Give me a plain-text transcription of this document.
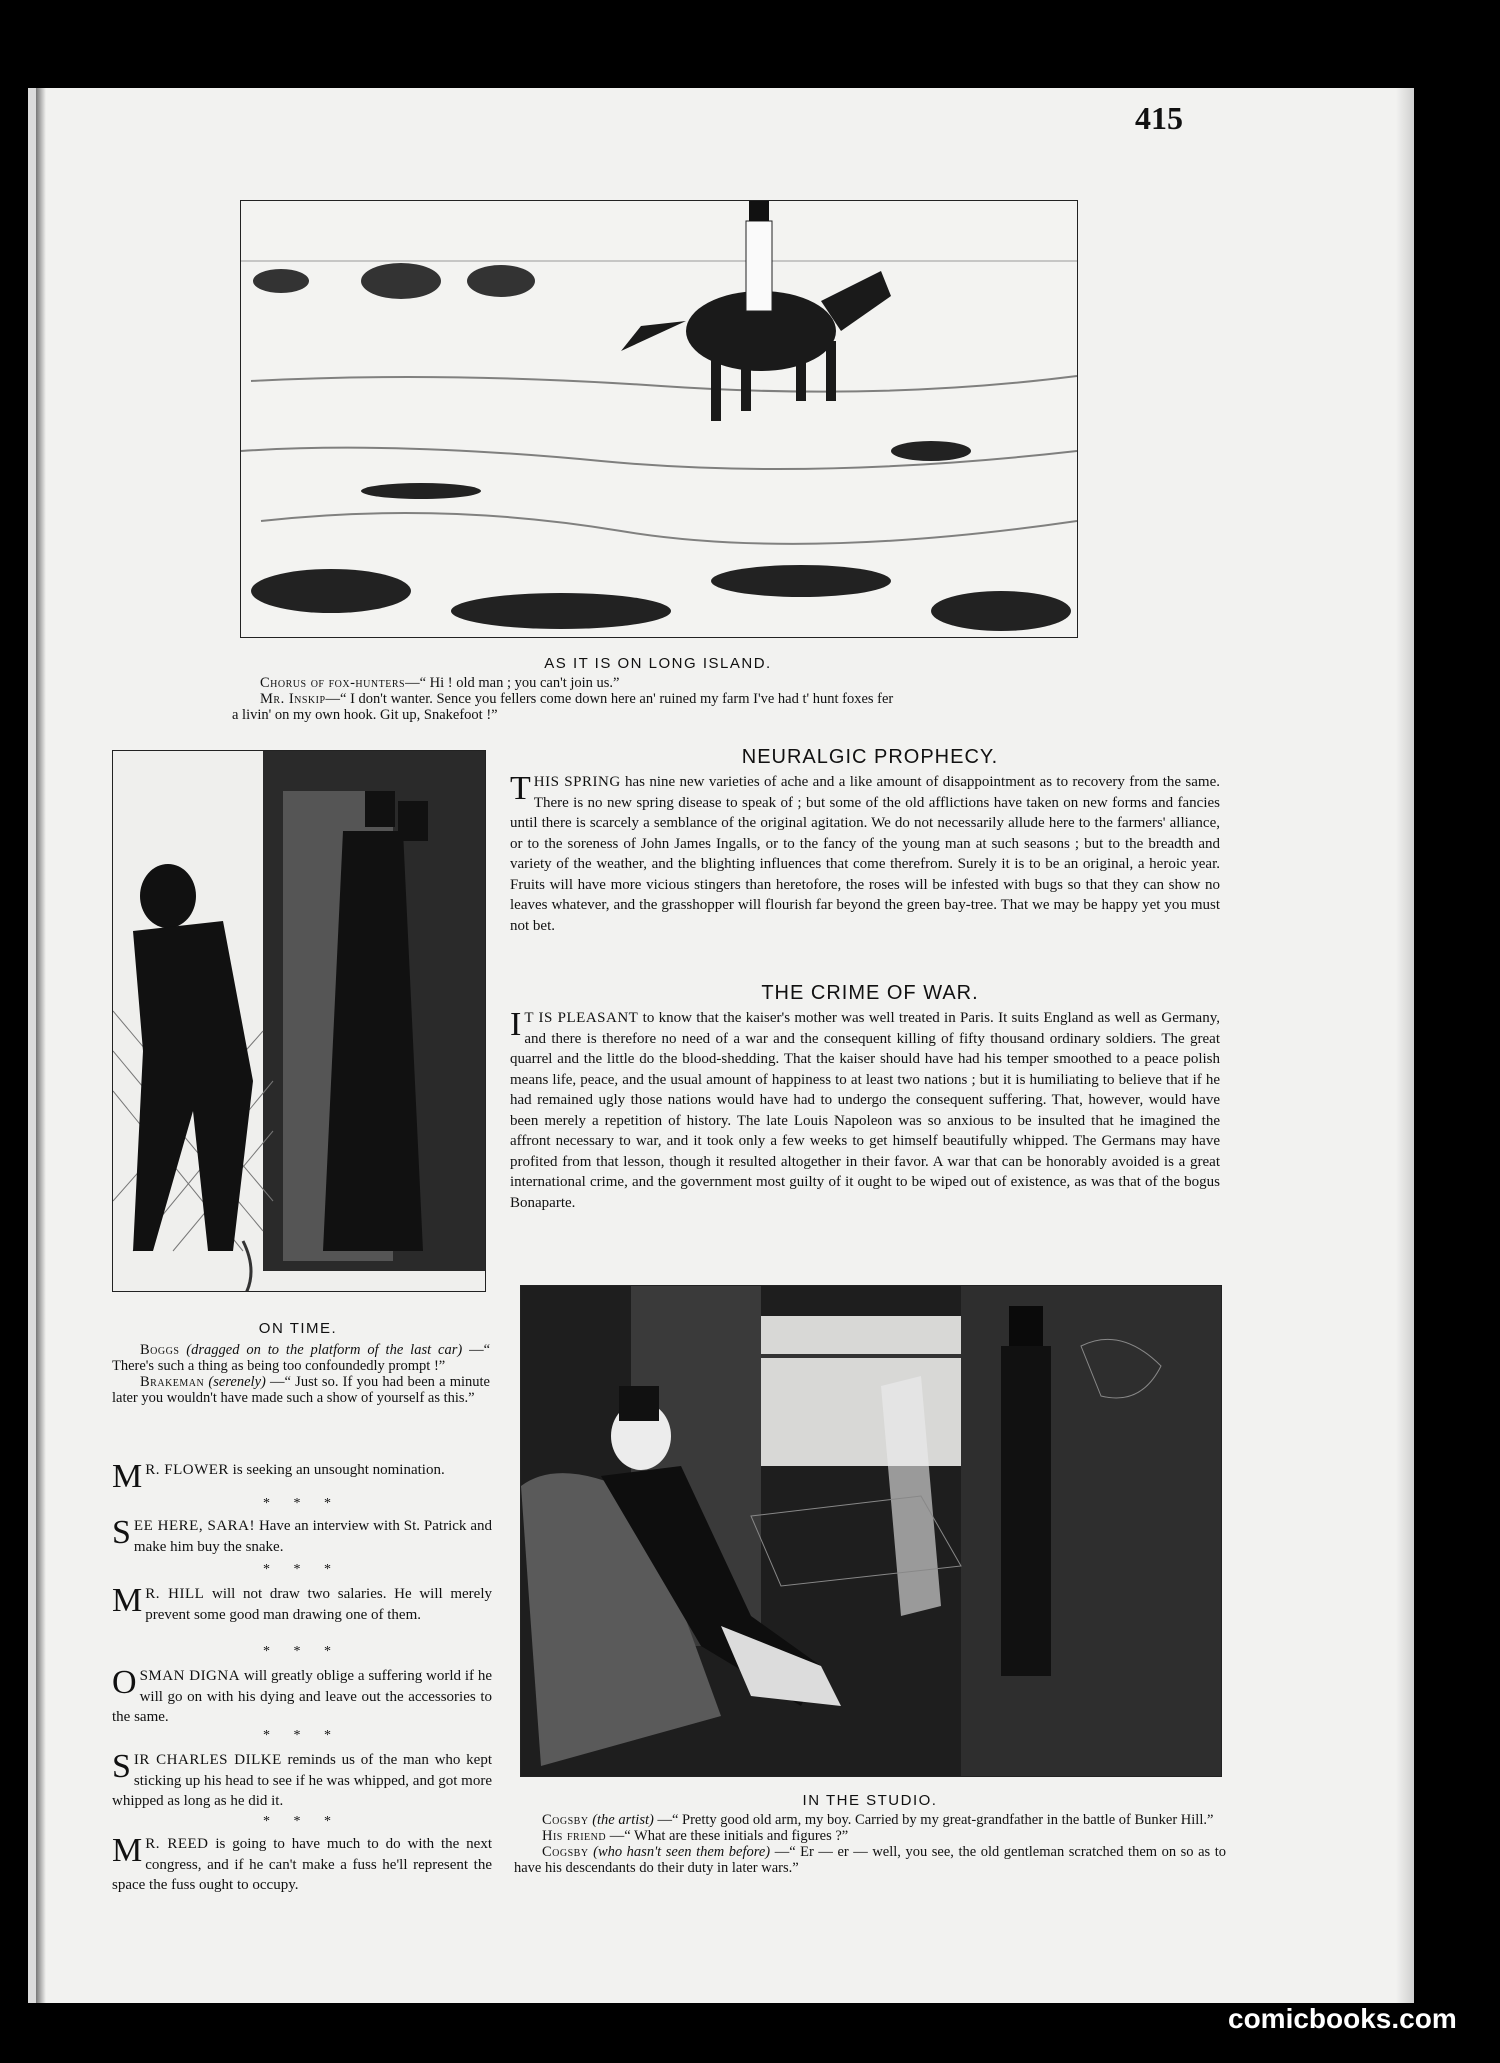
415
AS IT IS ON LONG ISLAND.

Chorus of fox-hunters—“ Hi ! old man ; you can't join us.”

Mr. Inskip—“ I don't wanter. Sence you fellers come down here an' ruined my farm I've had t' hunt foxes fer

a livin' on my own hook. Git up, Snakefoot !”

ON TIME.

Boggs (dragged on to the platform of the last car) —“ There's such a thing as being too confoundedly prompt !”

Brakeman (serenely) —“ Just so. If you had been a minute later you wouldn't have made such a show of yourself as this.”

M R. FLOWER is seeking an unsought nomination.

* * *

SEE HERE, SARA! Have an interview with St. Patrick and make him buy the snake.

* * *

M R. HILL will not draw two salaries. He will merely prevent some good man drawing one of them.

* * *

OSMAN DIGNA will greatly oblige a suffering world if he will go on with his dying and leave out the accessories to the same.

* * *

SIR CHARLES DILKE reminds us of the man who kept sticking up his head to see if he was whipped, and got more whipped as long as he did it.

* * *

M R. REED is going to have much to do with the next congress, and if he can't make a fuss he'll represent the space the fuss ought to occupy.

NEURALGIC PROPHECY.

THIS SPRING has nine new varieties of ache and a like amount of disappointment as to recovery from the same. There is no new spring disease to speak of ; but some of the old afflictions have taken on new forms and fancies until there is scarcely a semblance of the original agitation. We do not necessarily allude here to the farmers' alliance, or to the soreness of John James Ingalls, or to the fancy of the young man at such seasons ; but to the breadth and variety of the weather, and the blighting influences that come therefrom. Surely it is to be an original, a heroic year. Fruits will have more vicious stingers than heretofore, the roses will be infested with bugs so that they can show no leaves whatever, and the grasshopper will flourish far beyond the green bay-tree. That we may be happy yet you must not bet.

THE CRIME OF WAR.

I T IS PLEASANT to know that the kaiser's mother was well treated in Paris. It suits England as well as Germany, and there is therefore no need of a war and the consequent killing of fifty thousand ordinary soldiers. The great quarrel and the little do the blood-shedding. That the kaiser should have had his temper smoothed to a peace polish means life, peace, and the usual amount of happiness to at least two nations ; but it is humiliating to believe that if he had remained ugly those nations would have had to undergo the consequent suffering. That, however, would have been merely a repetition of history. The late Louis Napoleon was so anxious to be insulted that he imagined the affront necessary to war, and it took only a few weeks to get himself beautifully whipped. The Germans may have profited from that lesson, though it resulted altogether in their favor. A war that can be honorably avoided is a great international crime, and the government most guilty of it ought to be wiped out of existence, as was that of the bogus Bonaparte.

IN THE STUDIO.

Cogsby (the artist) —“ Pretty good old arm, my boy. Carried by my great-grandfather in the battle of Bunker Hill.”

His friend —“ What are these initials and figures ?”

Cogsby (who hasn't seen them before) —“ Er — er — well, you see, the old gentleman scratched them on so as to have his descendants do their duty in later wars.”

comicbooks.com
